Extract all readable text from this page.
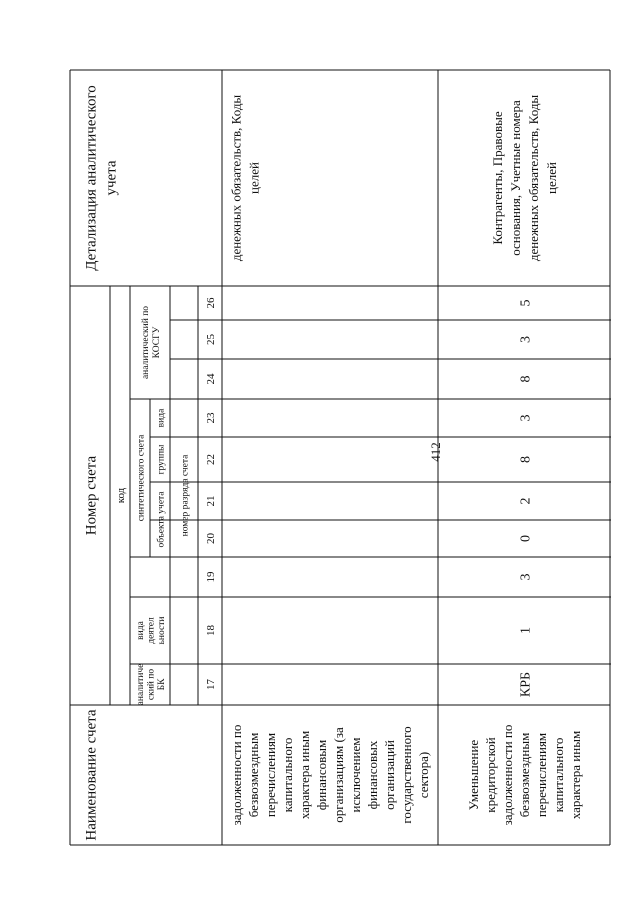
412
Наименование счета
Номер счета код
аналитиче ский по БК
вида деятел ьности
синтетического счета объекта учета
группы
вида
аналитический по КОСГУ
номер разряда счета
Детализация аналитического учета
17
18
19
20
21
22
23
24
25
26
задолженности по безвозмездным перечислениям капитального характера иным финансовым организациям (за исключением финансовых организаций государственного сектора)
денежных обязательств, Коды целей
Уменьшение кредиторской задолженности по безвозмездным перечислениям капитального характера иным
КРБ
1
3
0
2
8
3
8
3
5
Контрагенты, Правовые основания, Учетные номера денежных обязательств, Коды целей
